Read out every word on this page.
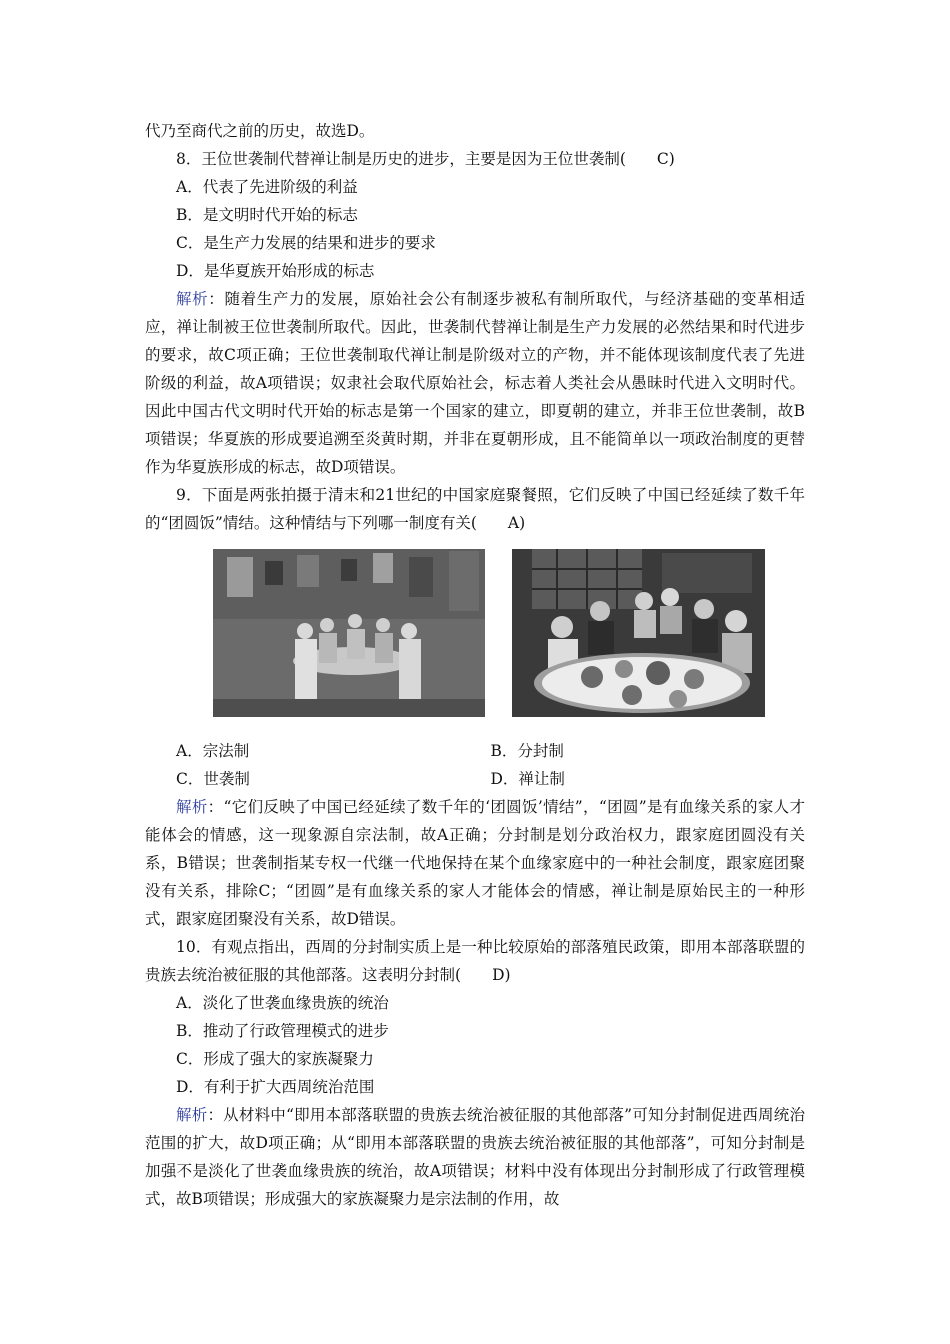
代乃至商代之前的历史，故选D。

8．王位世袭制代替禅让制是历史的进步，主要是因为王位世袭制( C)

A．代表了先进阶级的利益

B．是文明时代开始的标志

C．是生产力发展的结果和进步的要求

D．是华夏族开始形成的标志

解析：随着生产力的发展，原始社会公有制逐步被私有制所取代，与经济基础的变革相适应，禅让制被王位世袭制所取代。因此，世袭制代替禅让制是生产力发展的必然结果和时代进步的要求，故C项正确；王位世袭制取代禅让制是阶级对立的产物，并不能体现该制度代表了先进阶级的利益，故A项错误；奴隶社会取代原始社会，标志着人类社会从愚昧时代进入文明时代。因此中国古代文明时代开始的标志是第一个国家的建立，即夏朝的建立，并非王位世袭制，故B项错误；华夏族的形成要追溯至炎黄时期，并非在夏朝形成，且不能简单以一项政治制度的更替作为华夏族形成的标志，故D项错误。

9．下面是两张拍摄于清末和21世纪的中国家庭聚餐照，它们反映了中国已经延续了数千年的“团圆饭”情结。这种情结与下列哪一制度有关( A)

A．宗法制	B．分封制
C．世袭制	D．禅让制

解析：“它们反映了中国已经延续了数千年的‘团圆饭’情结”，“团圆”是有血缘关系的家人才能体会的情感，这一现象源自宗法制，故A正确；分封制是划分政治权力，跟家庭团圆没有关系，B错误；世袭制指某专权一代继一代地保持在某个血缘家庭中的一种社会制度，跟家庭团聚没有关系，排除C；“团圆”是有血缘关系的家人才能体会的情感，禅让制是原始民主的一种形式，跟家庭团聚没有关系，故D错误。

10．有观点指出，西周的分封制实质上是一种比较原始的部落殖民政策，即用本部落联盟的贵族去统治被征服的其他部落。这表明分封制( D)

A．淡化了世袭血缘贵族的统治

B．推动了行政管理模式的进步

C．形成了强大的家族凝聚力

D．有利于扩大西周统治范围

解析：从材料中“即用本部落联盟的贵族去统治被征服的其他部落”可知分封制促进西周统治范围的扩大，故D项正确；从“即用本部落联盟的贵族去统治被征服的其他部落”，可知分封制是加强不是淡化了世袭血缘贵族的统治，故A项错误；材料中没有体现出分封制形成了行政管理模式，故B项错误；形成强大的家族凝聚力是宗法制的作用，故
